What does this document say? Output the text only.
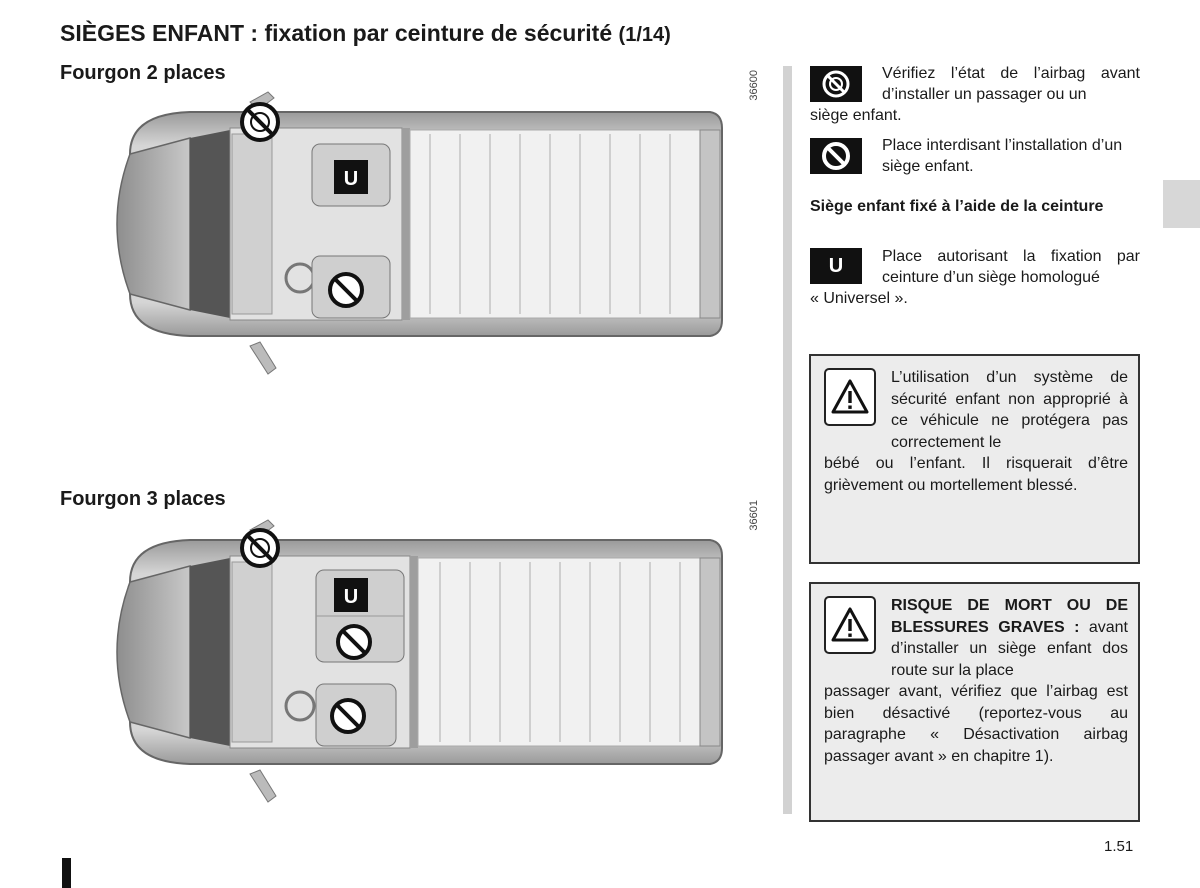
SIÈGES ENFANT : fixation par ceinture de sécurité (1/14)
Fourgon 2 places	36600
U
Fourgon 3 places
36601
U
Vérifiez l’état de l’airbag avant d’installer un passager ou un
siège enfant.
Place interdisant l’installation d’un siège enfant.
Siège enfant fixé à l’aide de la ceinture
U Place autorisant la fixation par ceinture d’un siège homologué
« Universel ».
L’utilisation d’un système de sécurité enfant non approprié à ce véhicule ne protégera pas correctement le
bébé ou l’enfant. Il risquerait d’être grièvement ou mortellement blessé.
RISQUE DE MORT OU DE BLESSURES GRAVES : avant d’installer un siège enfant dos route sur la place
passager avant, vérifiez que l’airbag est bien désactivé (reportez-vous au paragraphe « Désactivation airbag passager avant » en chapitre 1).
1.51
